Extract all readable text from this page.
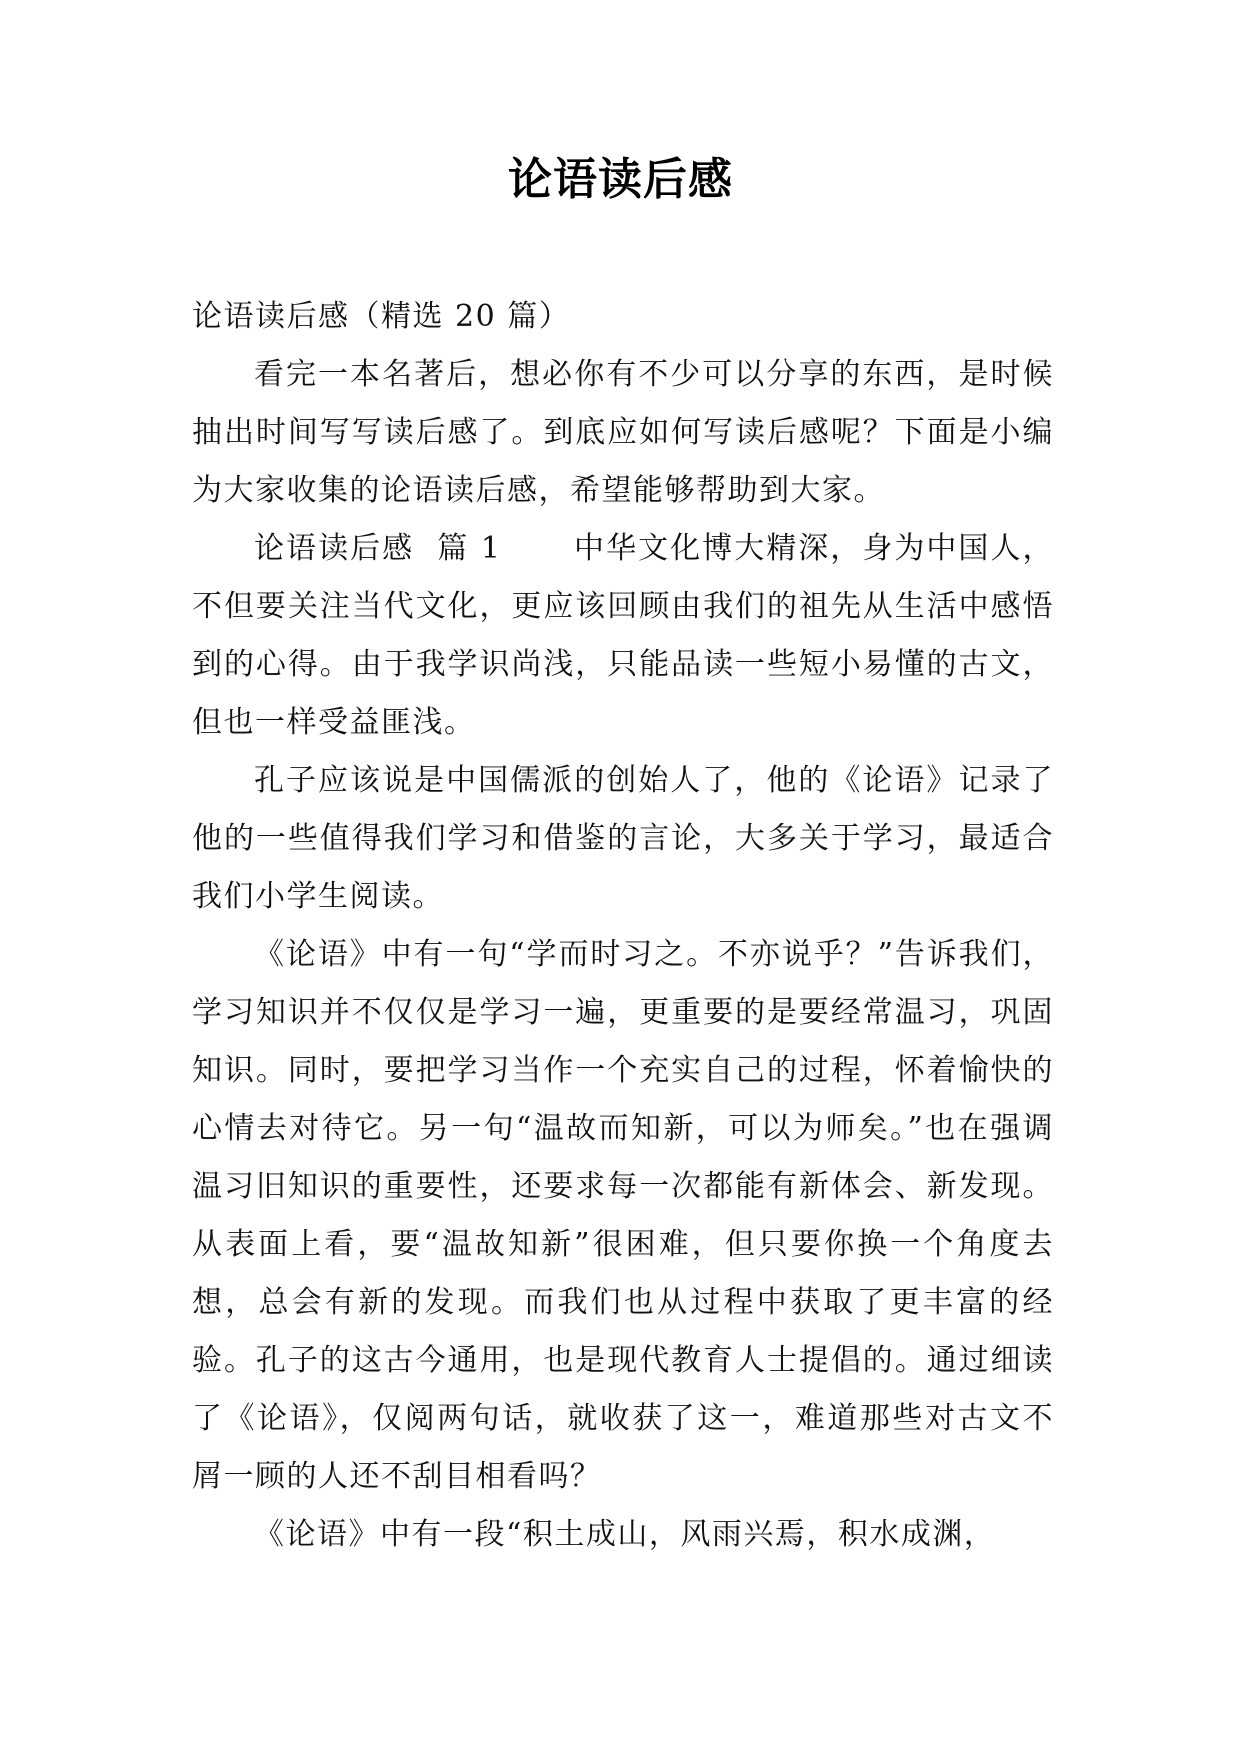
论语读后感

论语读后感（精选 20 篇）

看完一本名著后，想必你有不少可以分享的东西，是时候抽出时间写写读后感了。到底应如何写读后感呢？下面是小编为大家收集的论语读后感，希望能够帮助到大家。

论语读后感  篇 1 中华文化博大精深，身为中国人，不但要关注当代文化，更应该回顾由我们的祖先从生活中感悟到的心得。由于我学识尚浅，只能品读一些短小易懂的古文，但也一样受益匪浅。

孔子应该说是中国儒派的创始人了，他的《论语》记录了他的一些值得我们学习和借鉴的言论，大多关于学习，最适合我们小学生阅读。

《论语》中有一句“学而时习之。不亦说乎？”告诉我们，学习知识并不仅仅是学习一遍，更重要的是要经常温习，巩固知识。同时，要把学习当作一个充实自己的过程，怀着愉快的心情去对待它。另一句“温故而知新，可以为师矣。”也在强调温习旧知识的重要性，还要求每一次都能有新体会、新发现。从表面上看，要“温故知新”很困难，但只要你换一个角度去想，总会有新的发现。而我们也从过程中获取了更丰富的经验。孔子的这古今通用，也是现代教育人士提倡的。通过细读了《论语》，仅阅两句话，就收获了这一，难道那些对古文不屑一顾的人还不刮目相看吗？

《论语》中有一段“积土成山，风雨兴焉，积水成渊，
